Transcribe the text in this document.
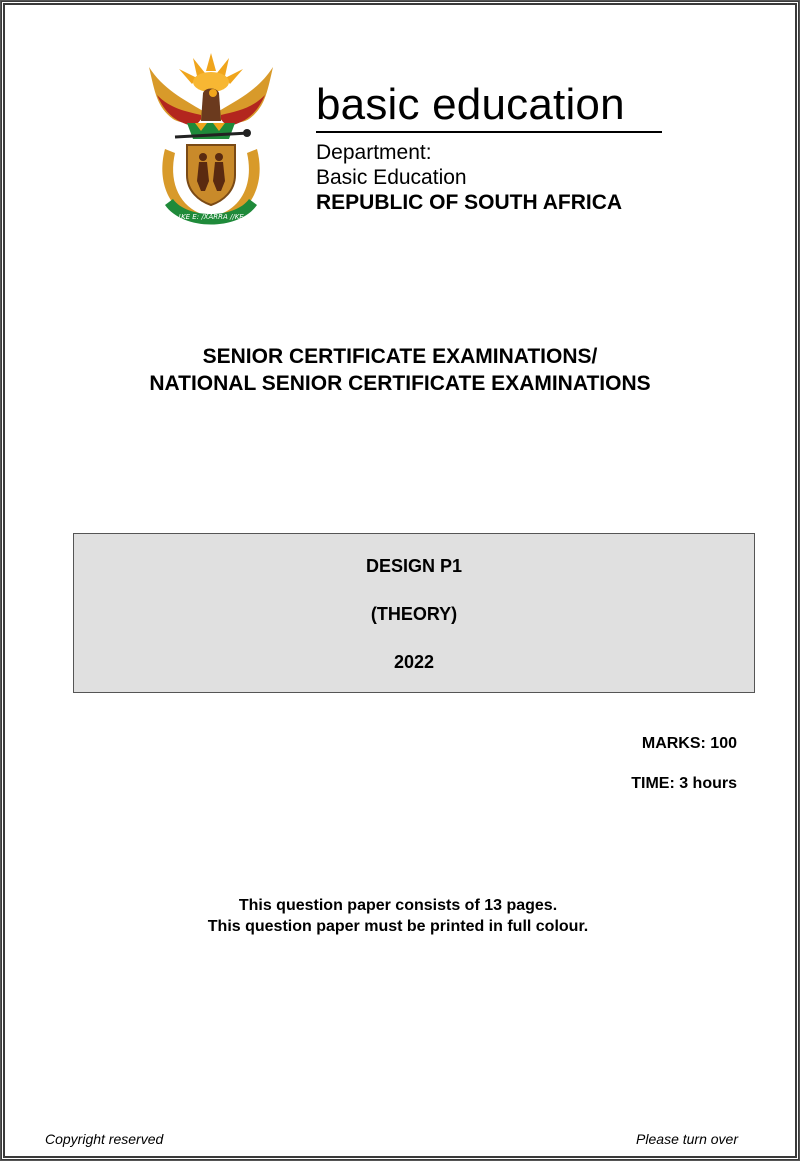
!KE E: /XARRA //KE
basic education
Department:
Basic Education
REPUBLIC OF SOUTH AFRICA
SENIOR CERTIFICATE EXAMINATIONS/
NATIONAL SENIOR CERTIFICATE EXAMINATIONS
DESIGN P1
(THEORY)
2022
MARKS: 100
TIME: 3 hours
This question paper consists of 13 pages.
This question paper must be printed in full colour.
Copyright reserved	Please turn over
